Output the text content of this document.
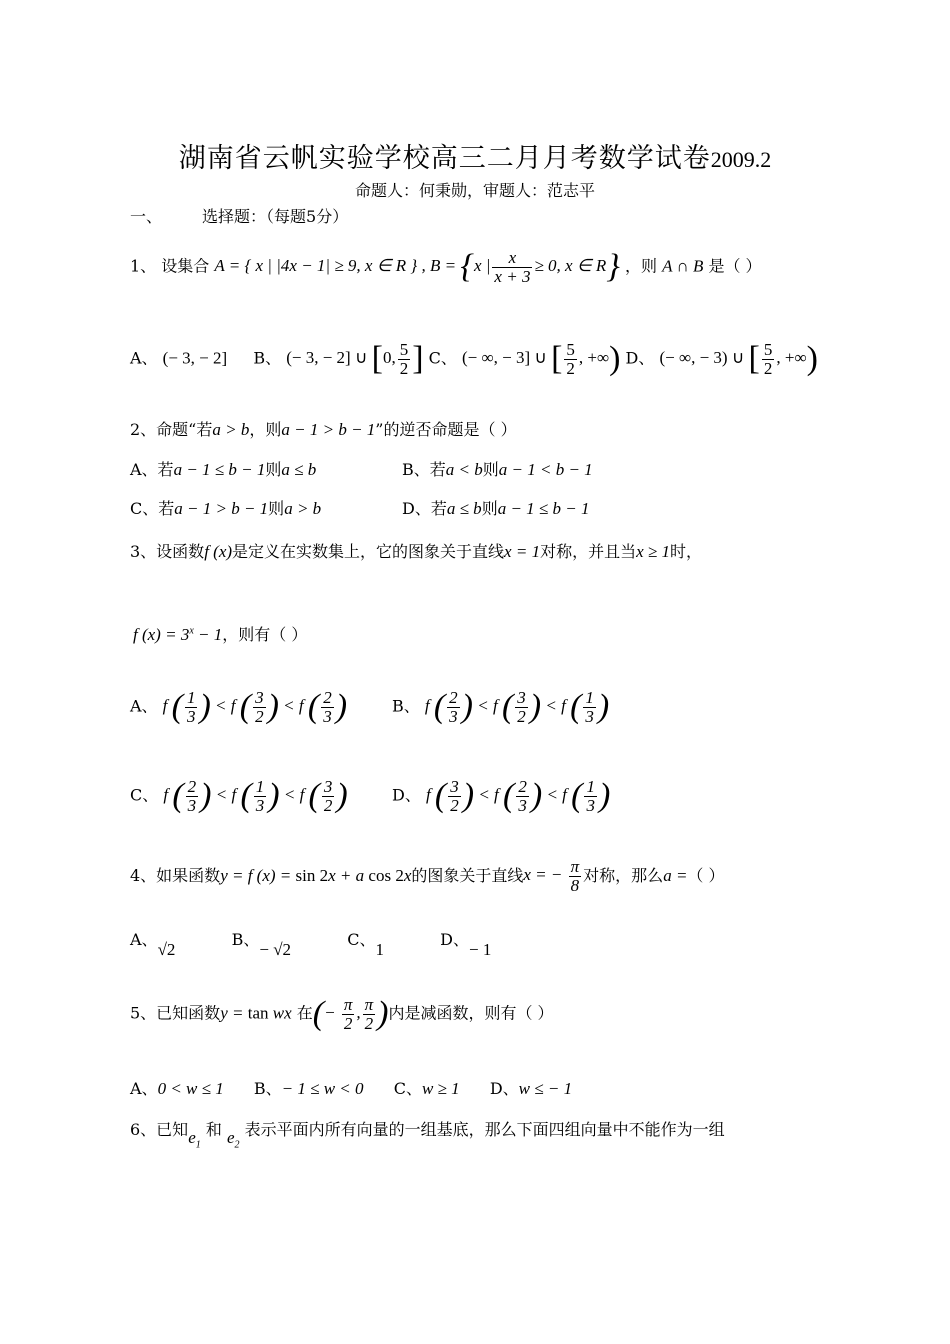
湖南省云帆实验学校高三二月月考数学试卷2009.2
命题人：何秉勋，审题人：范志平
一、	选择题：（每题5分）
1、 设集合 A = { x | |4x − 1| ≥ 9, x ∈ R } , B = {x | $\frac{x}{x + 3} \ge 0$, x ∈ R} ，则 A ∩ B 是（ ）
A、 (− 3, − 2] B、 (− 3, − 2] ∪ [0, $\frac{5}{2}$ ] C、 (− ∞, − 3] ∪ [ $\frac{5}{2}$ , +∞) D、 (− ∞, − 3) ∪ [ $\frac{5}{2}$ , +∞)
2、命题“若a > b，则a − 1 > b − 1”的逆否命题是（ ）
A、若a − 1 ≤ b − 1则a ≤ b	B、若a < b则a − 1 < b − 1
C、若a − 1 > b − 1则a > b	D、若a ≤ b则a − 1 ≤ b − 1
3、设函数f (x)是定义在实数集上，它的图象关于直线x = 1对称，并且当x ≥ 1时，
f $(x) = 3^x - 1$，则有（ ）
A、 f ( $\frac{1}{3}$ ) < f ( $\frac{3}{2}$ ) < f ( $\frac{2}{3}$ )	B、 f ( $\frac{2}{3}$ ) < f ( $\frac{3}{2}$ ) < f ( $\frac{1}{3}$ )
C、 f ( $\frac{2}{3}$ ) < f ( $\frac{1}{3}$ ) < f ( $\frac{3}{2}$ )	D、 f ( $\frac{3}{2}$ ) < f ( $\frac{2}{3}$ ) < f ( $\frac{1}{3}$ )
4、如果函数y = f (x) = sin 2x + a cos 2x的图象关于直线x = − $\frac{\pi}{8}$ 对称，那么a =（ ）
A、√2  B、− √2  C、1  D、− 1
5、已知函数y = tan wx 在(− $\frac{\pi}{2}$ , $\frac{\pi}{2}$ )内是减函数，则有（ ）
A、0 < w ≤ 1 B、− 1 ≤ w < 0 C、w ≥ 1 D、w ≤ − 1
6、已知$e_1$ 和 $e_2$ 表示平面内所有向量的一组基底，那么下面四组向量中不能作为一组
